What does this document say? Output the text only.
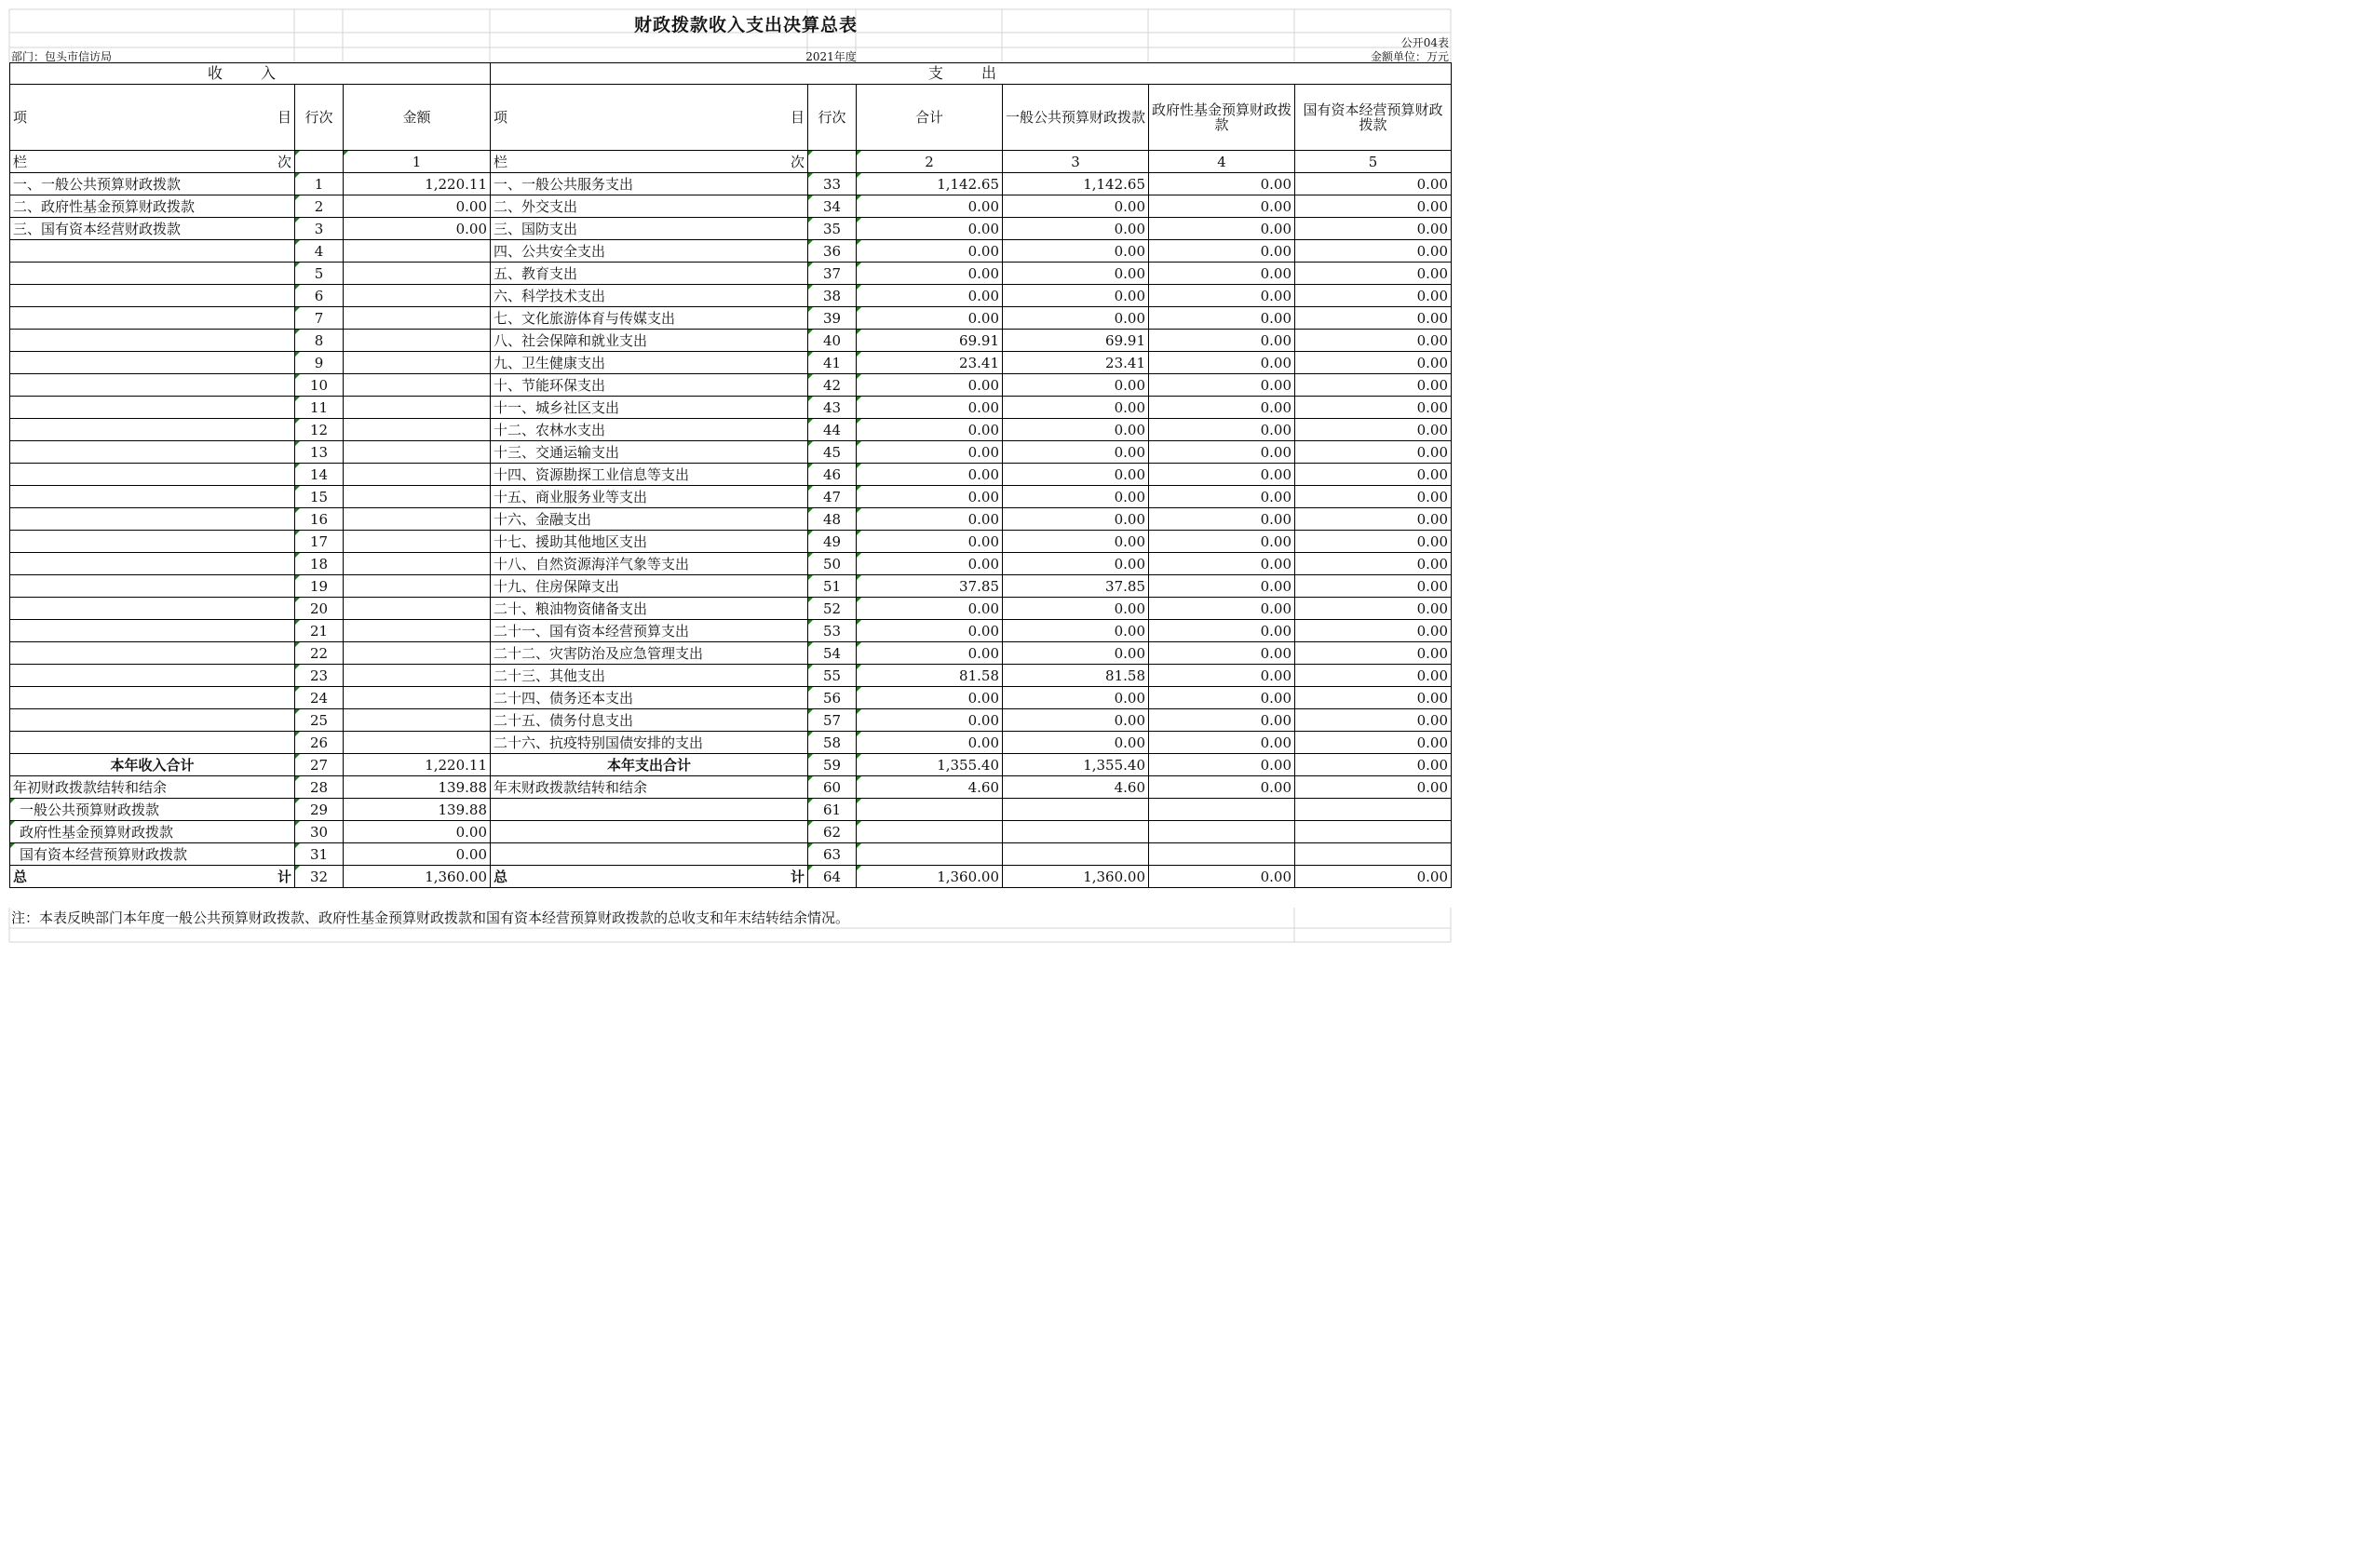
财政拨款收入支出决算总表
公开04表
部门：包头市信访局	2021年度	金额单位：万元
收 入			支 出					

项 目	行次	金额	项 目	行次	合计	一般公共预算财政拨款	政府性基金预算财政拨款	国有资本经营预算财政拨款

栏 次		1	栏 次		2	3	4	5
一、一般公共预算财政拨款	1	1,220.11	一、一般公共服务支出	33	1,142.65	1,142.65	0.00	0.00
二、政府性基金预算财政拨款	2	0.00	二、外交支出	34	0.00	0.00	0.00	0.00
三、国有资本经营财政拨款	3	0.00	三、国防支出	35	0.00	0.00	0.00	0.00
	4		四、公共安全支出	36	0.00	0.00	0.00	0.00
	5		五、教育支出	37	0.00	0.00	0.00	0.00
	6		六、科学技术支出	38	0.00	0.00	0.00	0.00
	7		七、文化旅游体育与传媒支出	39	0.00	0.00	0.00	0.00
	8		八、社会保障和就业支出	40	69.91	69.91	0.00	0.00
	9		九、卫生健康支出	41	23.41	23.41	0.00	0.00
	10		十、节能环保支出	42	0.00	0.00	0.00	0.00
	11		十一、城乡社区支出	43	0.00	0.00	0.00	0.00
	12		十二、农林水支出	44	0.00	0.00	0.00	0.00
	13		十三、交通运输支出	45	0.00	0.00	0.00	0.00
	14		十四、资源勘探工业信息等支出	46	0.00	0.00	0.00	0.00
	15		十五、商业服务业等支出	47	0.00	0.00	0.00	0.00
	16		十六、金融支出	48	0.00	0.00	0.00	0.00
	17		十七、援助其他地区支出	49	0.00	0.00	0.00	0.00
	18		十八、自然资源海洋气象等支出	50	0.00	0.00	0.00	0.00
	19		十九、住房保障支出	51	37.85	37.85	0.00	0.00
	20		二十、粮油物资储备支出	52	0.00	0.00	0.00	0.00
	21		二十一、国有资本经营预算支出	53	0.00	0.00	0.00	0.00
	22		二十二、灾害防治及应急管理支出	54	0.00	0.00	0.00	0.00
	23		二十三、其他支出	55	81.58	81.58	0.00	0.00
	24		二十四、债务还本支出	56	0.00	0.00	0.00	0.00
	25		二十五、债务付息支出	57	0.00	0.00	0.00	0.00
	26		二十六、抗疫特别国债安排的支出	58	0.00	0.00	0.00	0.00
本年收入合计	27	1,220.11	本年支出合计	59	1,355.40	1,355.40	0.00	0.00
年初财政拨款结转和结余	28	139.88	年末财政拨款结转和结余	60	4.60	4.60	0.00	0.00
一般公共预算财政拨款	29	139.88		61				
政府性基金预算财政拨款	30	0.00		62				
国有资本经营预算财政拨款	31	0.00		63				

总 计	32	1,360.00	总 计	64	1,360.00	1,360.00	0.00	0.00
注：本表反映部门本年度一般公共预算财政拨款、政府性基金预算财政拨款和国有资本经营预算财政拨款的总收支和年末结转结余情况。
